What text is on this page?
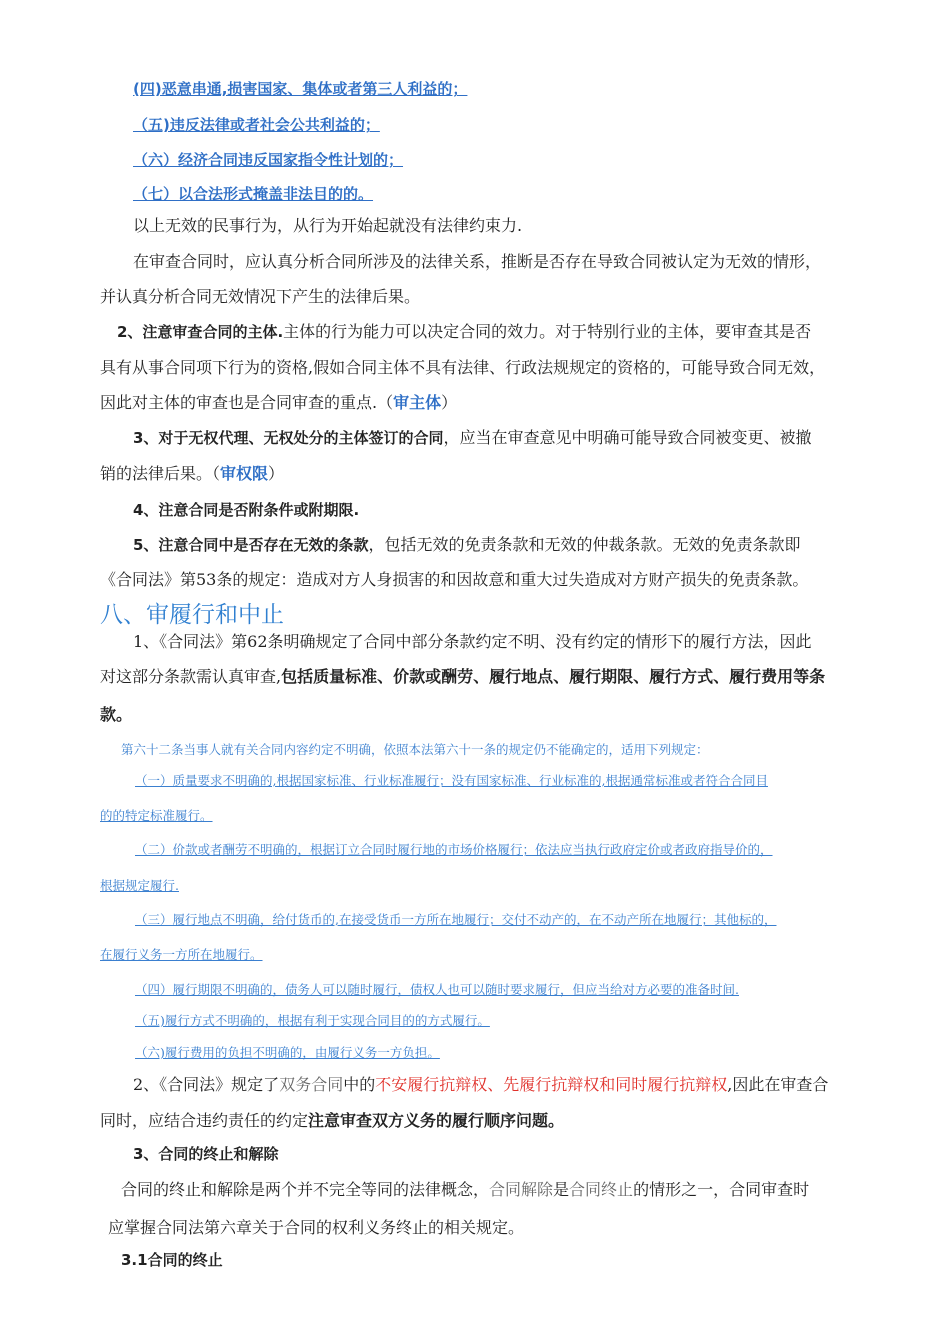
(四)恶意串通,损害国家、集体或者第三人利益的；
（五)违反法律或者社会公共利益的；
（六）经济合同违反国家指令性计划的；
（七）以合法形式掩盖非法目的的。
以上无效的民事行为，从行为开始起就没有法律约束力.
在审查合同时，应认真分析合同所涉及的法律关系，推断是否存在导致合同被认定为无效的情形，
并认真分析合同无效情况下产生的法律后果。
2、注意审查合同的主体.主体的行为能力可以决定合同的效力。对于特别行业的主体，要审查其是否
具有从事合同项下行为的资格,假如合同主体不具有法律、行政法规规定的资格的，可能导致合同无效，
因此对主体的审查也是合同审查的重点.（审主体）
3、对于无权代理、无权处分的主体签订的合同，应当在审查意见中明确可能导致合同被变更、被撤
销的法律后果。（审权限）
4、注意合同是否附条件或附期限.
5、注意合同中是否存在无效的条款，包括无效的免责条款和无效的仲裁条款。无效的免责条款即
《合同法》第53条的规定：造成对方人身损害的和因故意和重大过失造成对方财产损失的免责条款。
八、审履行和中止
1、《合同法》第62条明确规定了合同中部分条款约定不明、没有约定的情形下的履行方法，因此
对这部分条款需认真审查,包括质量标准、价款或酬劳、履行地点、履行期限、履行方式、履行费用等条
款。
第六十二条当事人就有关合同内容约定不明确，依照本法第六十一条的规定仍不能确定的，适用下列规定：
（一）质量要求不明确的,根据国家标准、行业标准履行；没有国家标准、行业标准的,根据通常标准或者符合合同目
的的特定标准履行。
（二）价款或者酬劳不明确的，根据订立合同时履行地的市场价格履行；依法应当执行政府定价或者政府指导价的，
根据规定履行.
（三）履行地点不明确，给付货币的,在接受货币一方所在地履行；交付不动产的，在不动产所在地履行；其他标的，
在履行义务一方所在地履行。
（四）履行期限不明确的，债务人可以随时履行，债权人也可以随时要求履行，但应当给对方必要的准备时间.
（五)履行方式不明确的，根据有利于实现合同目的的方式履行。
（六)履行费用的负担不明确的，由履行义务一方负担。
2、《合同法》规定了双务合同中的不安履行抗辩权、先履行抗辩权和同时履行抗辩权,因此在审查合
同时，应结合违约责任的约定注意审查双方义务的履行顺序问题。
3、合同的终止和解除
合同的终止和解除是两个并不完全等同的法律概念，合同解除是合同终止的情形之一，合同审查时
应掌握合同法第六章关于合同的权利义务终止的相关规定。
3.1合同的终止
